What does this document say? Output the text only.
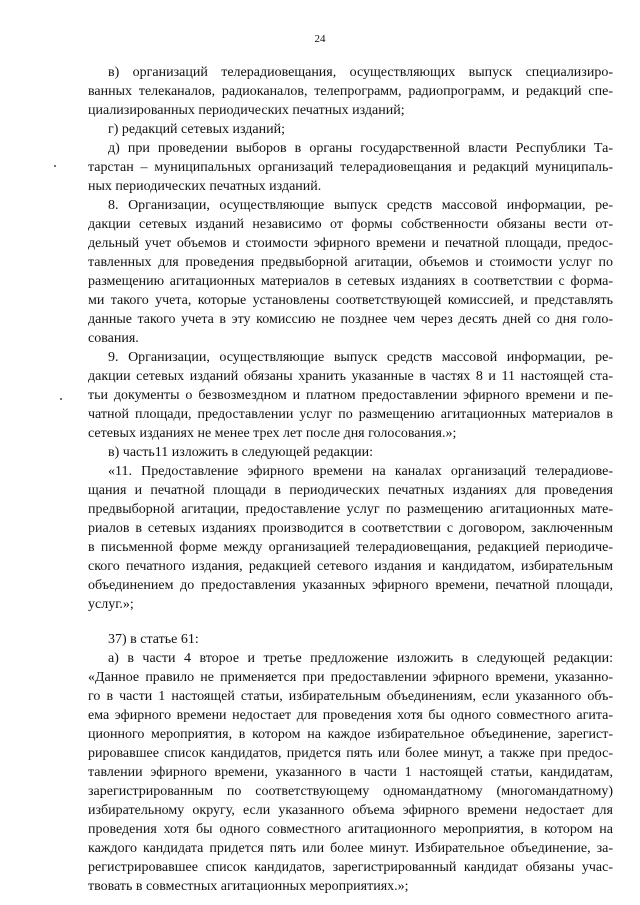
24
в) организаций телерадиовещания, осуществляющих выпуск специализиро-
ванных телеканалов, радиоканалов, телепрограмм, радиопрограмм, и редакций спе-
циализированных периодических печатных изданий;
г) редакций сетевых изданий;
д) при проведении выборов в органы государственной власти Республики Та-
тарстан – муниципальных организаций телерадиовещания и редакций муниципаль-
ных периодических печатных изданий.
8. Организации, осуществляющие выпуск средств массовой информации, ре-
дакции сетевых изданий независимо от формы собственности обязаны вести от-
дельный учет объемов и стоимости эфирного времени и печатной площади, предос-
тавленных для проведения предвыборной агитации, объемов и стоимости услуг по
размещению агитационных материалов в сетевых изданиях в соответствии с форма-
ми такого учета, которые установлены соответствующей комиссией, и представлять
данные такого учета в эту комиссию не позднее чем через десять дней со дня голо-
сования.
9. Организации, осуществляющие выпуск средств массовой информации, ре-
дакции сетевых изданий обязаны хранить указанные в частях 8 и 11 настоящей ста-
тьи документы о безвозмездном и платном предоставлении эфирного времени и пе-
чатной площади, предоставлении услуг по размещению агитационных материалов в
сетевых изданиях не менее трех лет после дня голосования.»;
в) часть11 изложить в следующей редакции:
«11. Предоставление эфирного времени на каналах организаций телерадиове-
щания и печатной площади в периодических печатных изданиях для проведения
предвыборной агитации, предоставление услуг по размещению агитационных мате-
риалов в сетевых изданиях производится в соответствии с договором, заключенным
в письменной форме между организацией телерадиовещания, редакцией периодиче-
ского печатного издания, редакцией сетевого издания и кандидатом, избирательным
объединением до предоставления указанных эфирного времени, печатной площади,
услуг.»;
37) в статье 61:
а) в части 4 второе и третье предложение изложить в следующей редакции:
«Данное правило не применяется при предоставлении эфирного времени, указанно-
го в части 1 настоящей статьи, избирательным объединениям, если указанного объ-
ема эфирного времени недостает для проведения хотя бы одного совместного агита-
ционного мероприятия, в котором на каждое избирательное объединение, зарегист-
рировавшее список кандидатов, придется пять или более минут, а также при предос-
тавлении эфирного времени, указанного в части 1 настоящей статьи, кандидатам,
зарегистрированным по соответствующему одномандатному (многомандатному)
избирательному округу, если указанного объема эфирного времени недостает для
проведения хотя бы одного совместного агитационного мероприятия, в котором на
каждого кандидата придется пять или более минут. Избирательное объединение, за-
регистрировавшее список кандидатов, зарегистрированный кандидат обязаны учас-
твовать в совместных агитационных мероприятиях.»;
